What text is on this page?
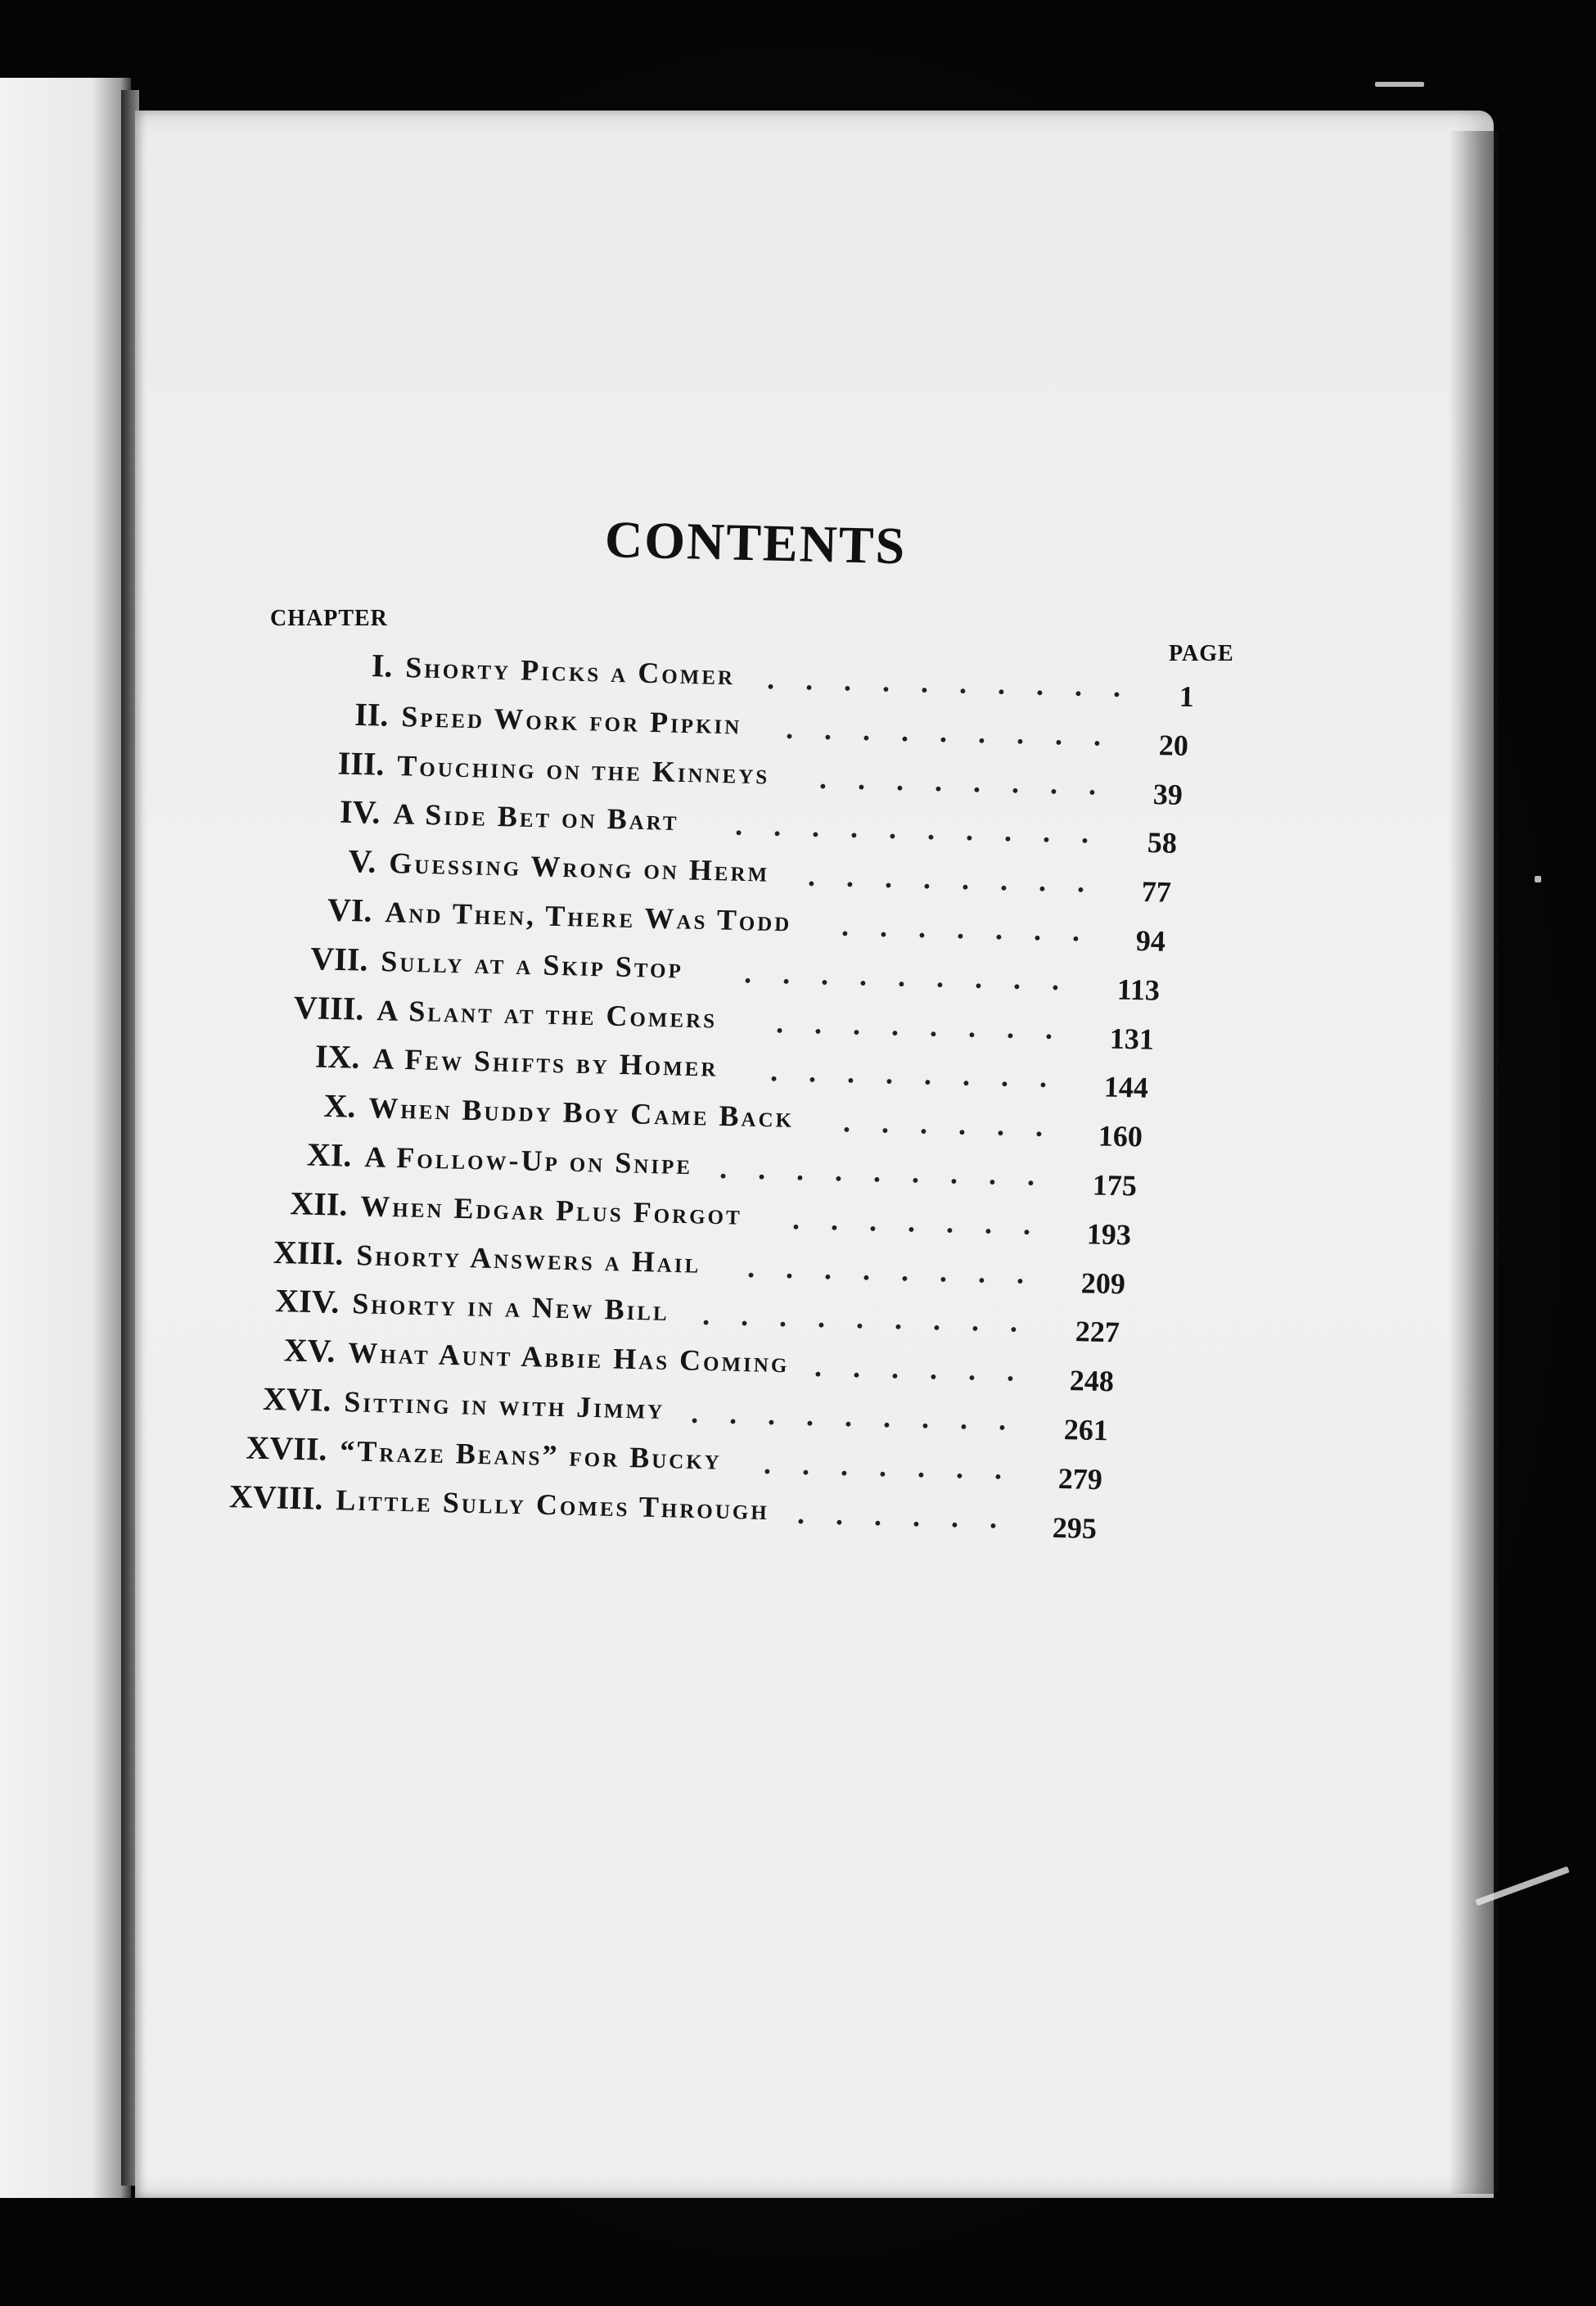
CONTENTS
CHAPTER
PAGE
I. Shorty Picks a Comer .......... 1
II. Speed Work for Pipkin ......... 20
III. Touching on the Kinneys ........ 39
IV. A Side Bet on Bart .......... 58
V. Guessing Wrong on Herm ........ 77
VI. And Then, There Was Todd ....... 94
VII. Sully at a Skip Stop ......... 113
VIII. A Slant at the Comers ........ 131
IX. A Few Shifts by Homer ........ 144
X. When Buddy Boy Came Back ...... 160
XI. A Follow-Up on Snipe ......... 175
XII. When Edgar Plus Forgot ....... 193
XIII. Shorty Answers a Hail ........ 209
XIV. Shorty in a New Bill ......... 227
XV. What Aunt Abbie Has Coming ...... 248
XVI. Sitting in with Jimmy ......... 261
XVII. “Traze Beans” for Bucky ....... 279
XVIII. Little Sully Comes Through ...... 295
